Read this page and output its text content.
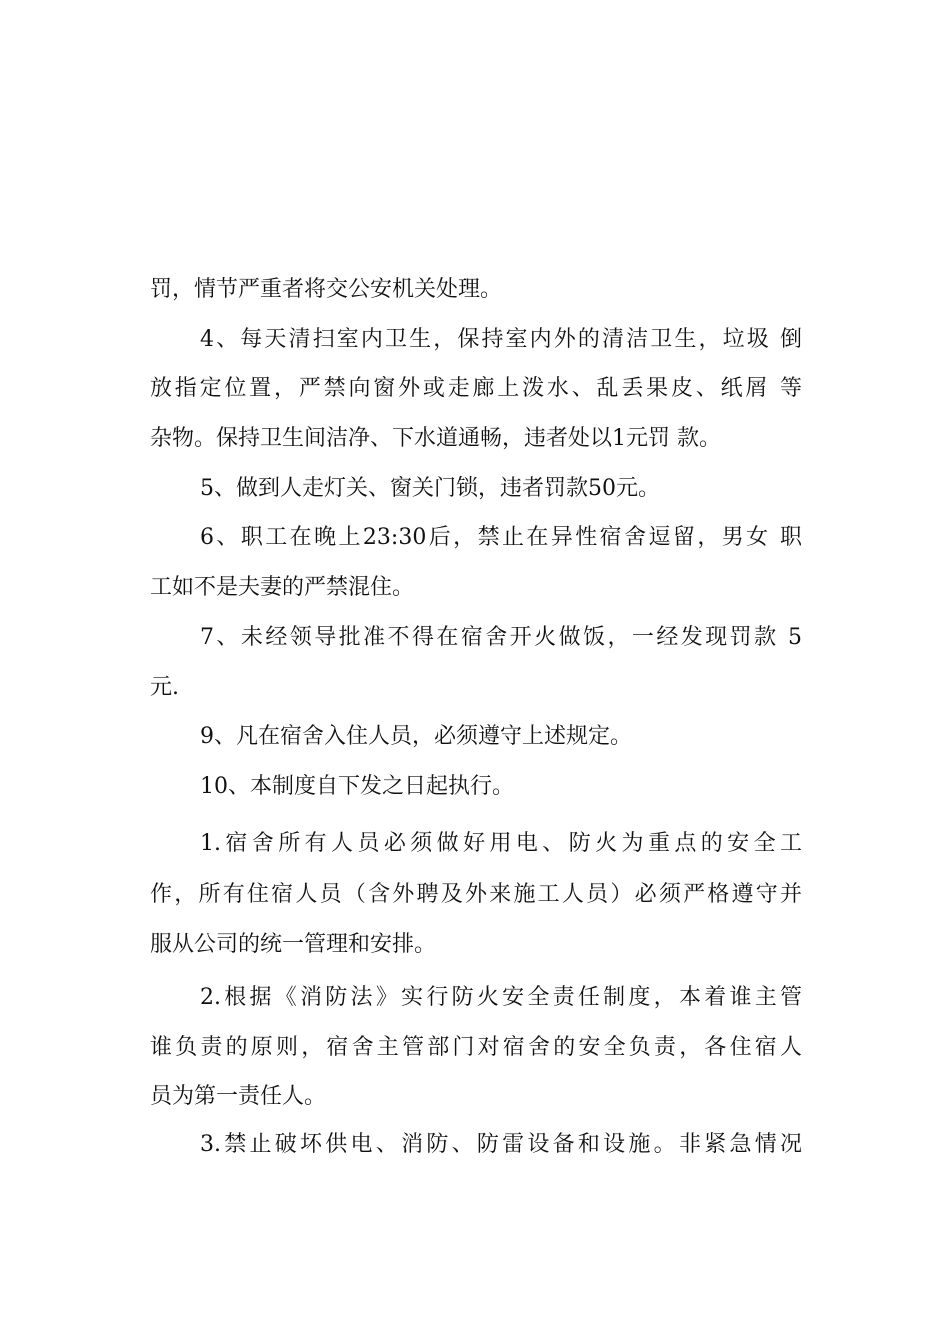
罚，情节严重者将交公安机关处理。

4、每天清扫室内卫生，保持室内外的清洁卫生，垃圾 倒

放指定位置，严禁向窗外或走廊上泼水、乱丢果皮、纸屑 等

杂物。保持卫生间洁净、下水道通畅，违者处以1元罚 款。

5、做到人走灯关、窗关门锁，违者罚款50元。

6、职工在晚上23:30后，禁止在异性宿舍逗留，男女 职

工如不是夫妻的严禁混住。

7、未经领导批准不得在宿舍开火做饭，一经发现罚款 5

元.

9、凡在宿舍入住人员，必须遵守上述规定。

10、本制度自下发之日起执行。

1.宿舍所有人员必须做好用电、防火为重点的安全工

作，所有住宿人员（含外聘及外来施工人员）必须严格遵守并

服从公司的统一管理和安排。

2.根据《消防法》实行防火安全责任制度，本着谁主管

谁负责的原则，宿舍主管部门对宿舍的安全负责，各住宿人

员为第一责任人。

3.禁止破坏供电、消防、防雷设备和设施。非紧急情况
